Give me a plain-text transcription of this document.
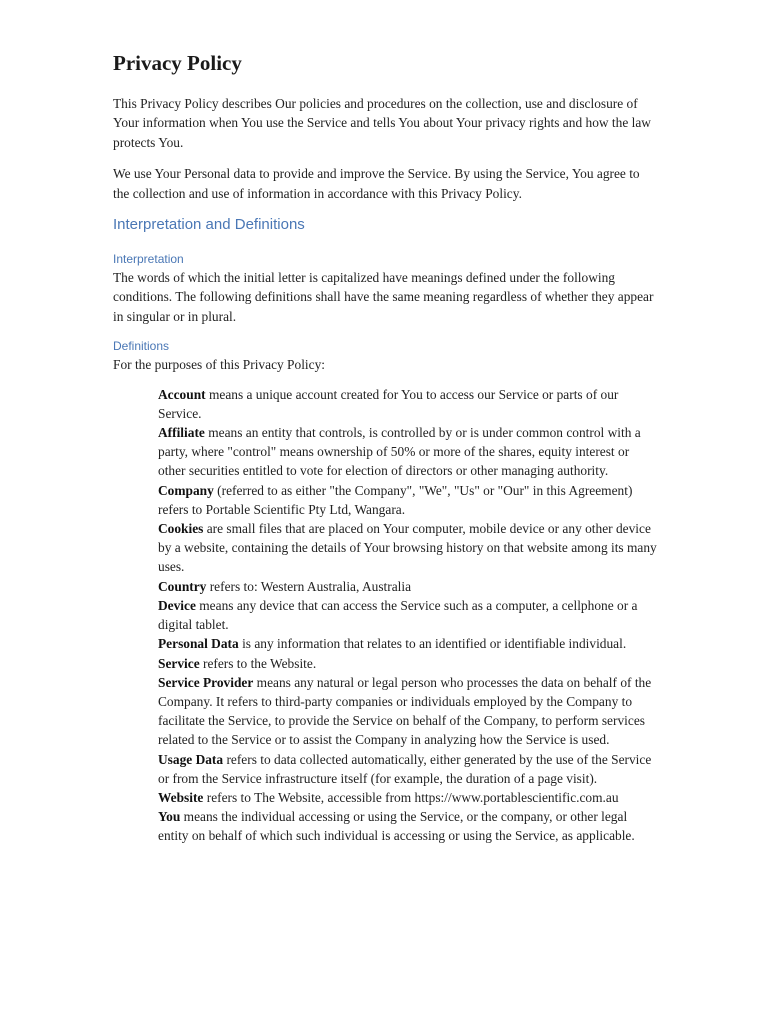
Privacy Policy

This Privacy Policy describes Our policies and procedures on the collection, use and disclosure of Your information when You use the Service and tells You about Your privacy rights and how the law protects You.

We use Your Personal data to provide and improve the Service. By using the Service, You agree to the collection and use of information in accordance with this Privacy Policy.

Interpretation and Definitions
Interpretation

The words of which the initial letter is capitalized have meanings defined under the following conditions. The following definitions shall have the same meaning regardless of whether they appear in singular or in plural.

Definitions

For the purposes of this Privacy Policy:

Account means a unique account created for You to access our Service or parts of our Service.
Affiliate means an entity that controls, is controlled by or is under common control with a party, where "control" means ownership of 50% or more of the shares, equity interest or other securities entitled to vote for election of directors or other managing authority.
Company (referred to as either "the Company", "We", "Us" or "Our" in this Agreement) refers to Portable Scientific Pty Ltd, Wangara.
Cookies are small files that are placed on Your computer, mobile device or any other device by a website, containing the details of Your browsing history on that website among its many uses.
Country refers to: Western Australia, Australia
Device means any device that can access the Service such as a computer, a cellphone or a digital tablet.
Personal Data is any information that relates to an identified or identifiable individual.
Service refers to the Website.
Service Provider means any natural or legal person who processes the data on behalf of the Company. It refers to third-party companies or individuals employed by the Company to facilitate the Service, to provide the Service on behalf of the Company, to perform services related to the Service or to assist the Company in analyzing how the Service is used.
Usage Data refers to data collected automatically, either generated by the use of the Service or from the Service infrastructure itself (for example, the duration of a page visit).
Website refers to The Website, accessible from https://www.portablescientific.com.au
You means the individual accessing or using the Service, or the company, or other legal entity on behalf of which such individual is accessing or using the Service, as applicable.
